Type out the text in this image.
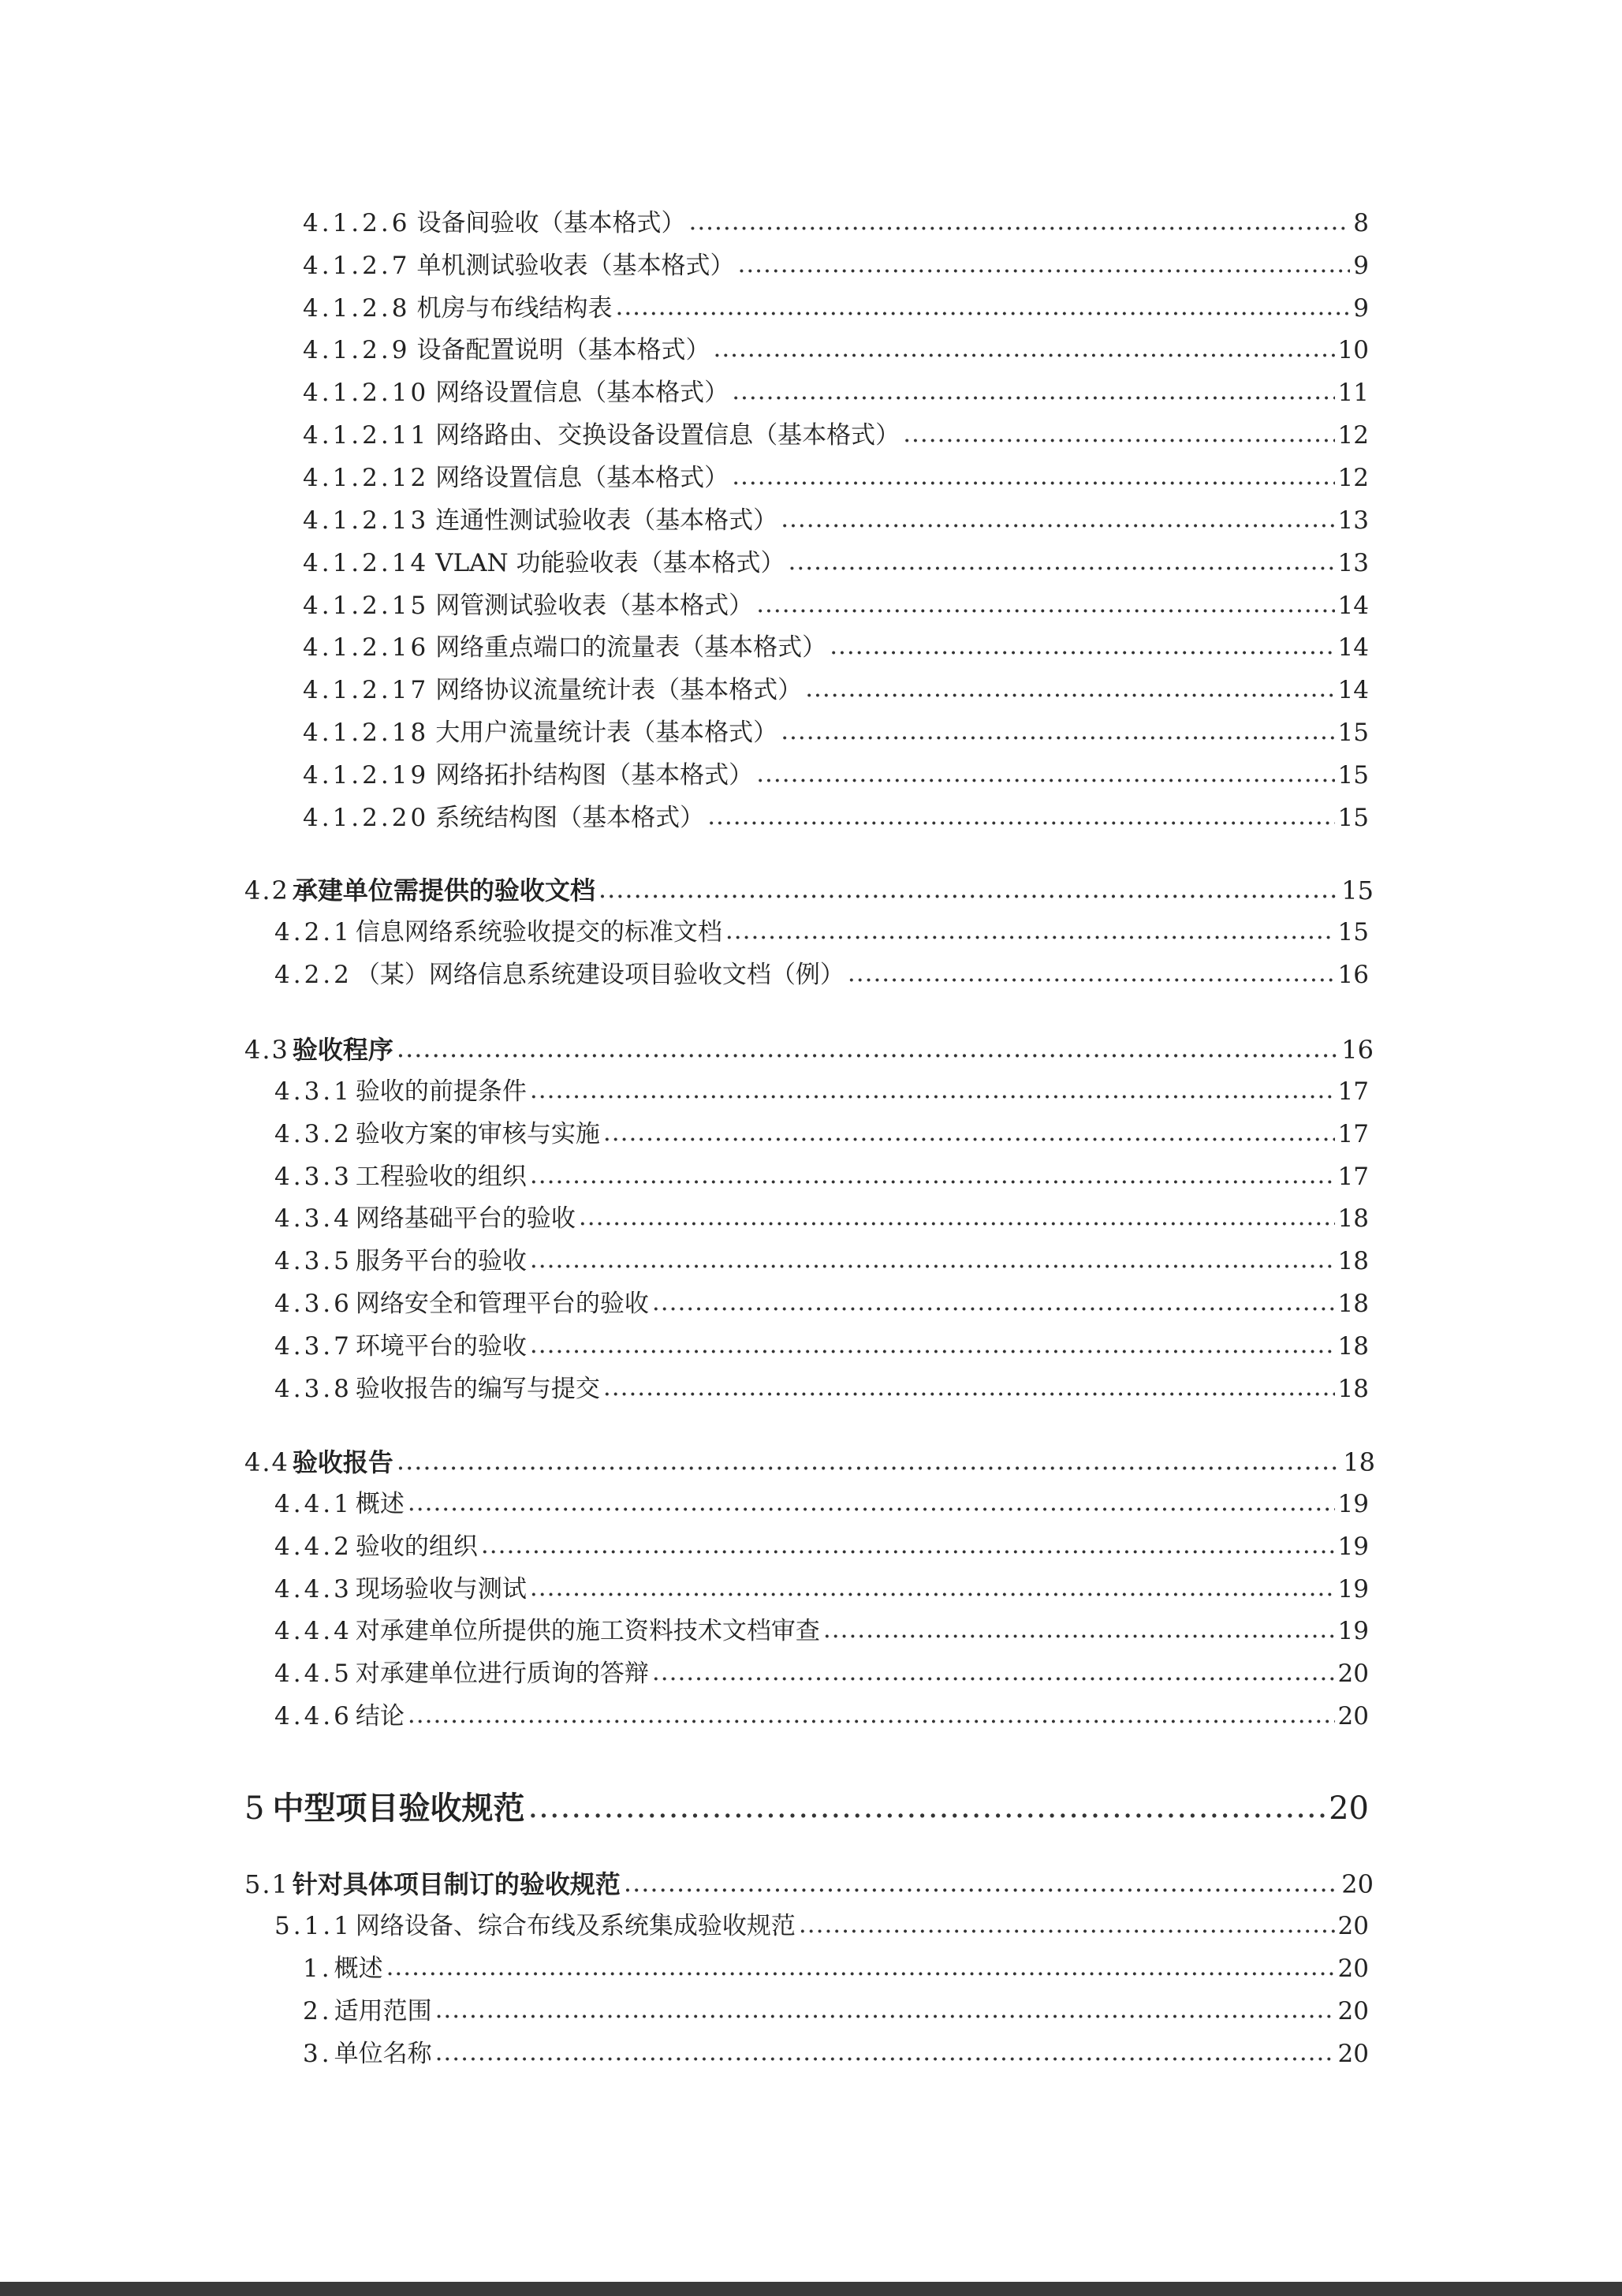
4.1.2.6 设备间验收（基本格式） .....	8
4.1.2.7 单机测试验收表（基本格式） .....	9
4.1.2.8 机房与布线结构表 .....	9
4.1.2.9 设备配置说明（基本格式） .....	10
4.1.2.10 网络设置信息（基本格式） .....	11
4.1.2.11 网络路由、交换设备设置信息（基本格式） .....	12
4.1.2.12 网络设置信息（基本格式） .....	12
4.1.2.13 连通性测试验收表（基本格式） .....	13
4.1.2.14 VLAN 功能验收表（基本格式） .....	13
4.1.2.15 网管测试验收表（基本格式） .....	14
4.1.2.16 网络重点端口的流量表（基本格式） .....	14
4.1.2.17 网络协议流量统计表（基本格式） .....	14
4.1.2.18 大用户流量统计表（基本格式） .....	15
4.1.2.19 网络拓扑结构图（基本格式） .....	15
4.1.2.20 系统结构图（基本格式） .....	15
4.2 承建单位需提供的验收文档 .....	15
4.2.1 信息网络系统验收提交的标准文档 .....	15
4.2.2 （某）网络信息系统建设项目验收文档（例） .....	16
4.3 验收程序 .....	16
4.3.1 验收的前提条件 .....	17
4.3.2 验收方案的审核与实施 .....	17
4.3.3 工程验收的组织 .....	17
4.3.4 网络基础平台的验收 .....	18
4.3.5 服务平台的验收 .....	18
4.3.6 网络安全和管理平台的验收 .....	18
4.3.7 环境平台的验收 .....	18
4.3.8 验收报告的编写与提交 .....	18
4.4 验收报告 .....	18
4.4.1 概述 .....	19
4.4.2 验收的组织 .....	19
4.4.3 现场验收与测试 .....	19
4.4.4 对承建单位所提供的施工资料技术文档审查 .....	19
4.4.5 对承建单位进行质询的答辩 .....	20
4.4.6 结论 .....	20
5 中型项目验收规范 .....	20
5.1 针对具体项目制订的验收规范 .....	20
5.1.1 网络设备、综合布线及系统集成验收规范 .....	20
1. 概述 .....	20
2. 适用范围 .....	20
3. 单位名称 .....	20
